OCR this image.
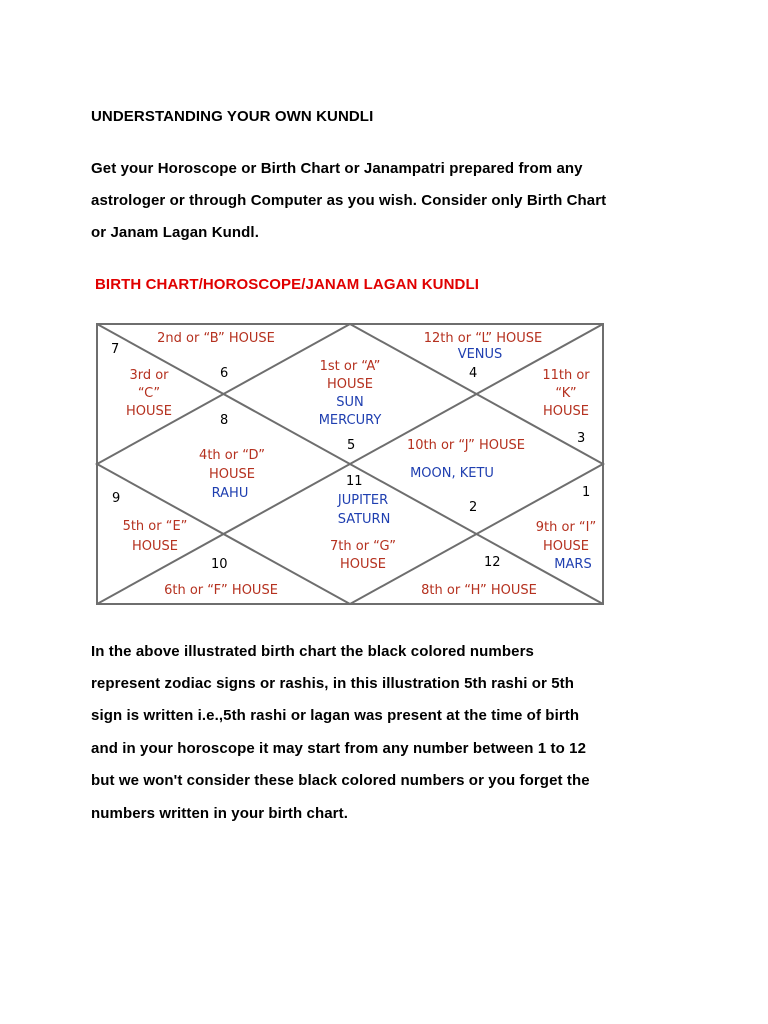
UNDERSTANDING YOUR OWN KUNDLI
Get your Horoscope or Birth Chart or Janampatri prepared from any
astrologer or through Computer as you wish. Consider only Birth Chart
or Janam Lagan Kundl.
BIRTH CHART/HOROSCOPE/JANAM LAGAN KUNDLI
7
6
8
5
11
4
3
2
1
9
10	12
2nd or “B” HOUSE	12th or “L” HOUSE
3rd or
“C”
HOUSE
1st or “A”
HOUSE
11th or
“K”
HOUSE
4th or “D”
HOUSE
10th or “J” HOUSE
5th or “E”
HOUSE	7th or “G”
HOUSE
9th or “I”
HOUSE
6th or “F” HOUSE	8th or “H” HOUSE
VENUS
SUN
MERCURY
RAHU
MOON, KETU
JUPITER
SATURN
MARS
In the above illustrated birth chart the black colored numbers
represent zodiac signs or rashis, in this illustration 5th rashi or 5th
sign is written i.e.,5th rashi or lagan was present at the time of birth
and in your horoscope it may start from any number between 1 to 12
but we won't consider these black colored numbers or you forget the
numbers written in your birth chart.
